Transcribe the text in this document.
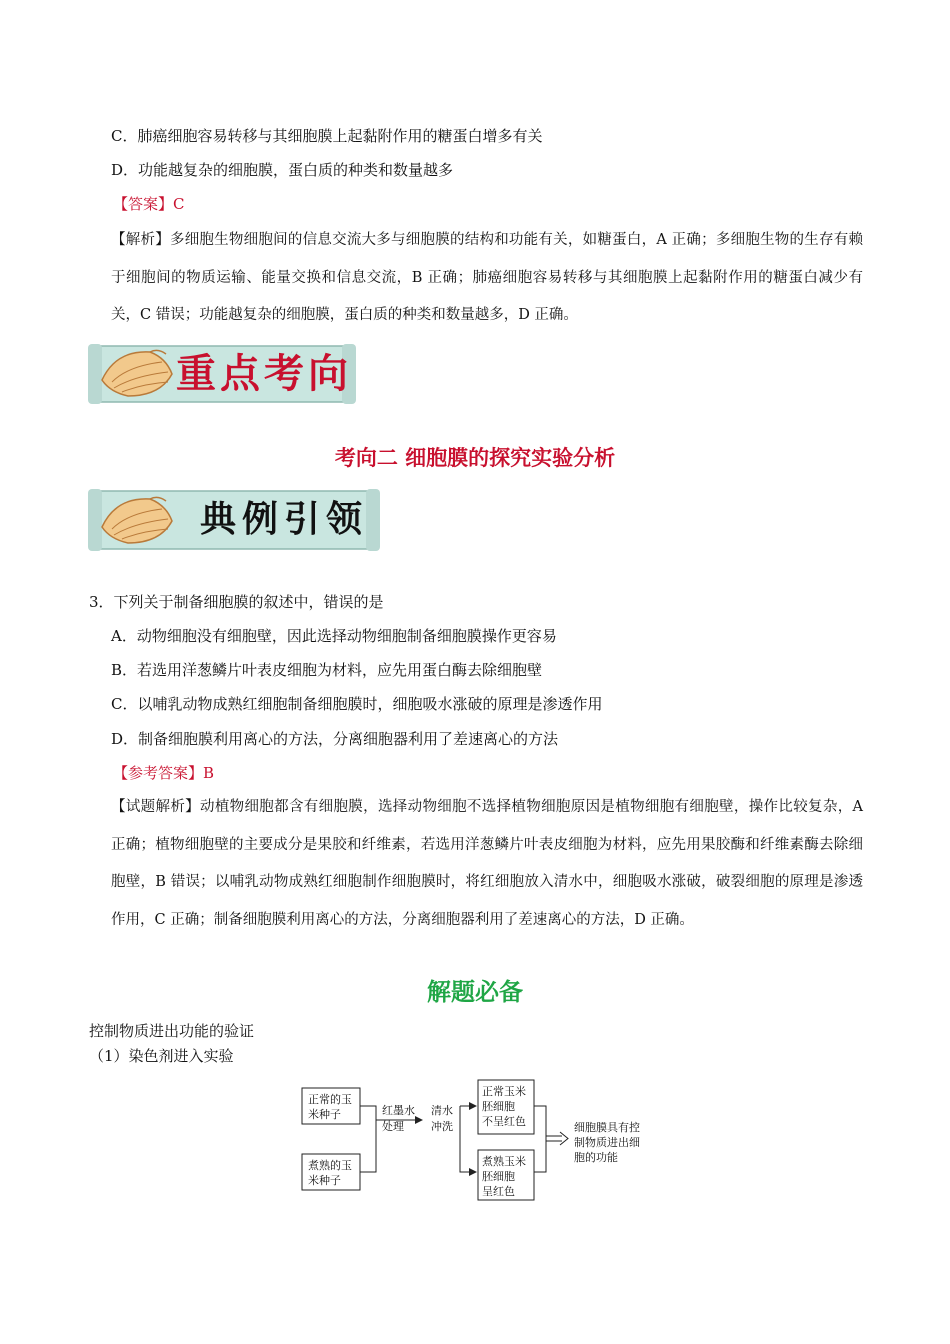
C．肺癌细胞容易转移与其细胞膜上起黏附作用的糖蛋白增多有关
D．功能越复杂的细胞膜，蛋白质的种类和数量越多
【答案】C
【解析】多细胞生物细胞间的信息交流大多与细胞膜的结构和功能有关，如糖蛋白，A 正确；多细胞生物的生存有赖于细胞间的物质运输、能量交换和信息交流，B 正确；肺癌细胞容易转移与其细胞膜上起黏附作用的糖蛋白减少有关，C 错误；功能越复杂的细胞膜，蛋白质的种类和数量越多，D 正确。
重点考向
考向二 细胞膜的探究实验分析
典例引领
3．下列关于制备细胞膜的叙述中，错误的是
A．动物细胞没有细胞壁，因此选择动物细胞制备细胞膜操作更容易
B．若选用洋葱鳞片叶表皮细胞为材料，应先用蛋白酶去除细胞壁
C．以哺乳动物成熟红细胞制备细胞膜时，细胞吸水涨破的原理是渗透作用
D．制备细胞膜利用离心的方法，分离细胞器利用了差速离心的方法
【参考答案】B
【试题解析】动植物细胞都含有细胞膜，选择动物细胞不选择植物细胞原因是植物细胞有细胞壁，操作比较复杂，A 正确；植物细胞壁的主要成分是果胶和纤维素，若选用洋葱鳞片叶表皮细胞为材料，应先用果胶酶和纤维素酶去除细胞壁，B 错误；以哺乳动物成熟红细胞制作细胞膜时，将红细胞放入清水中，细胞吸水涨破，破裂细胞的原理是渗透作用，C 正确；制备细胞膜利用离心的方法，分离细胞器利用了差速离心的方法，D 正确。
解题必备
控制物质进出功能的验证
（1）染色剂进入实验
正常的玉
米种子
煮熟的玉
米种子
红墨水
处理
清水
冲洗
正常玉米
胚细胞
不呈红色
煮熟玉米
胚细胞
呈红色
细胞膜具有控
制物质进出细
胞的功能
